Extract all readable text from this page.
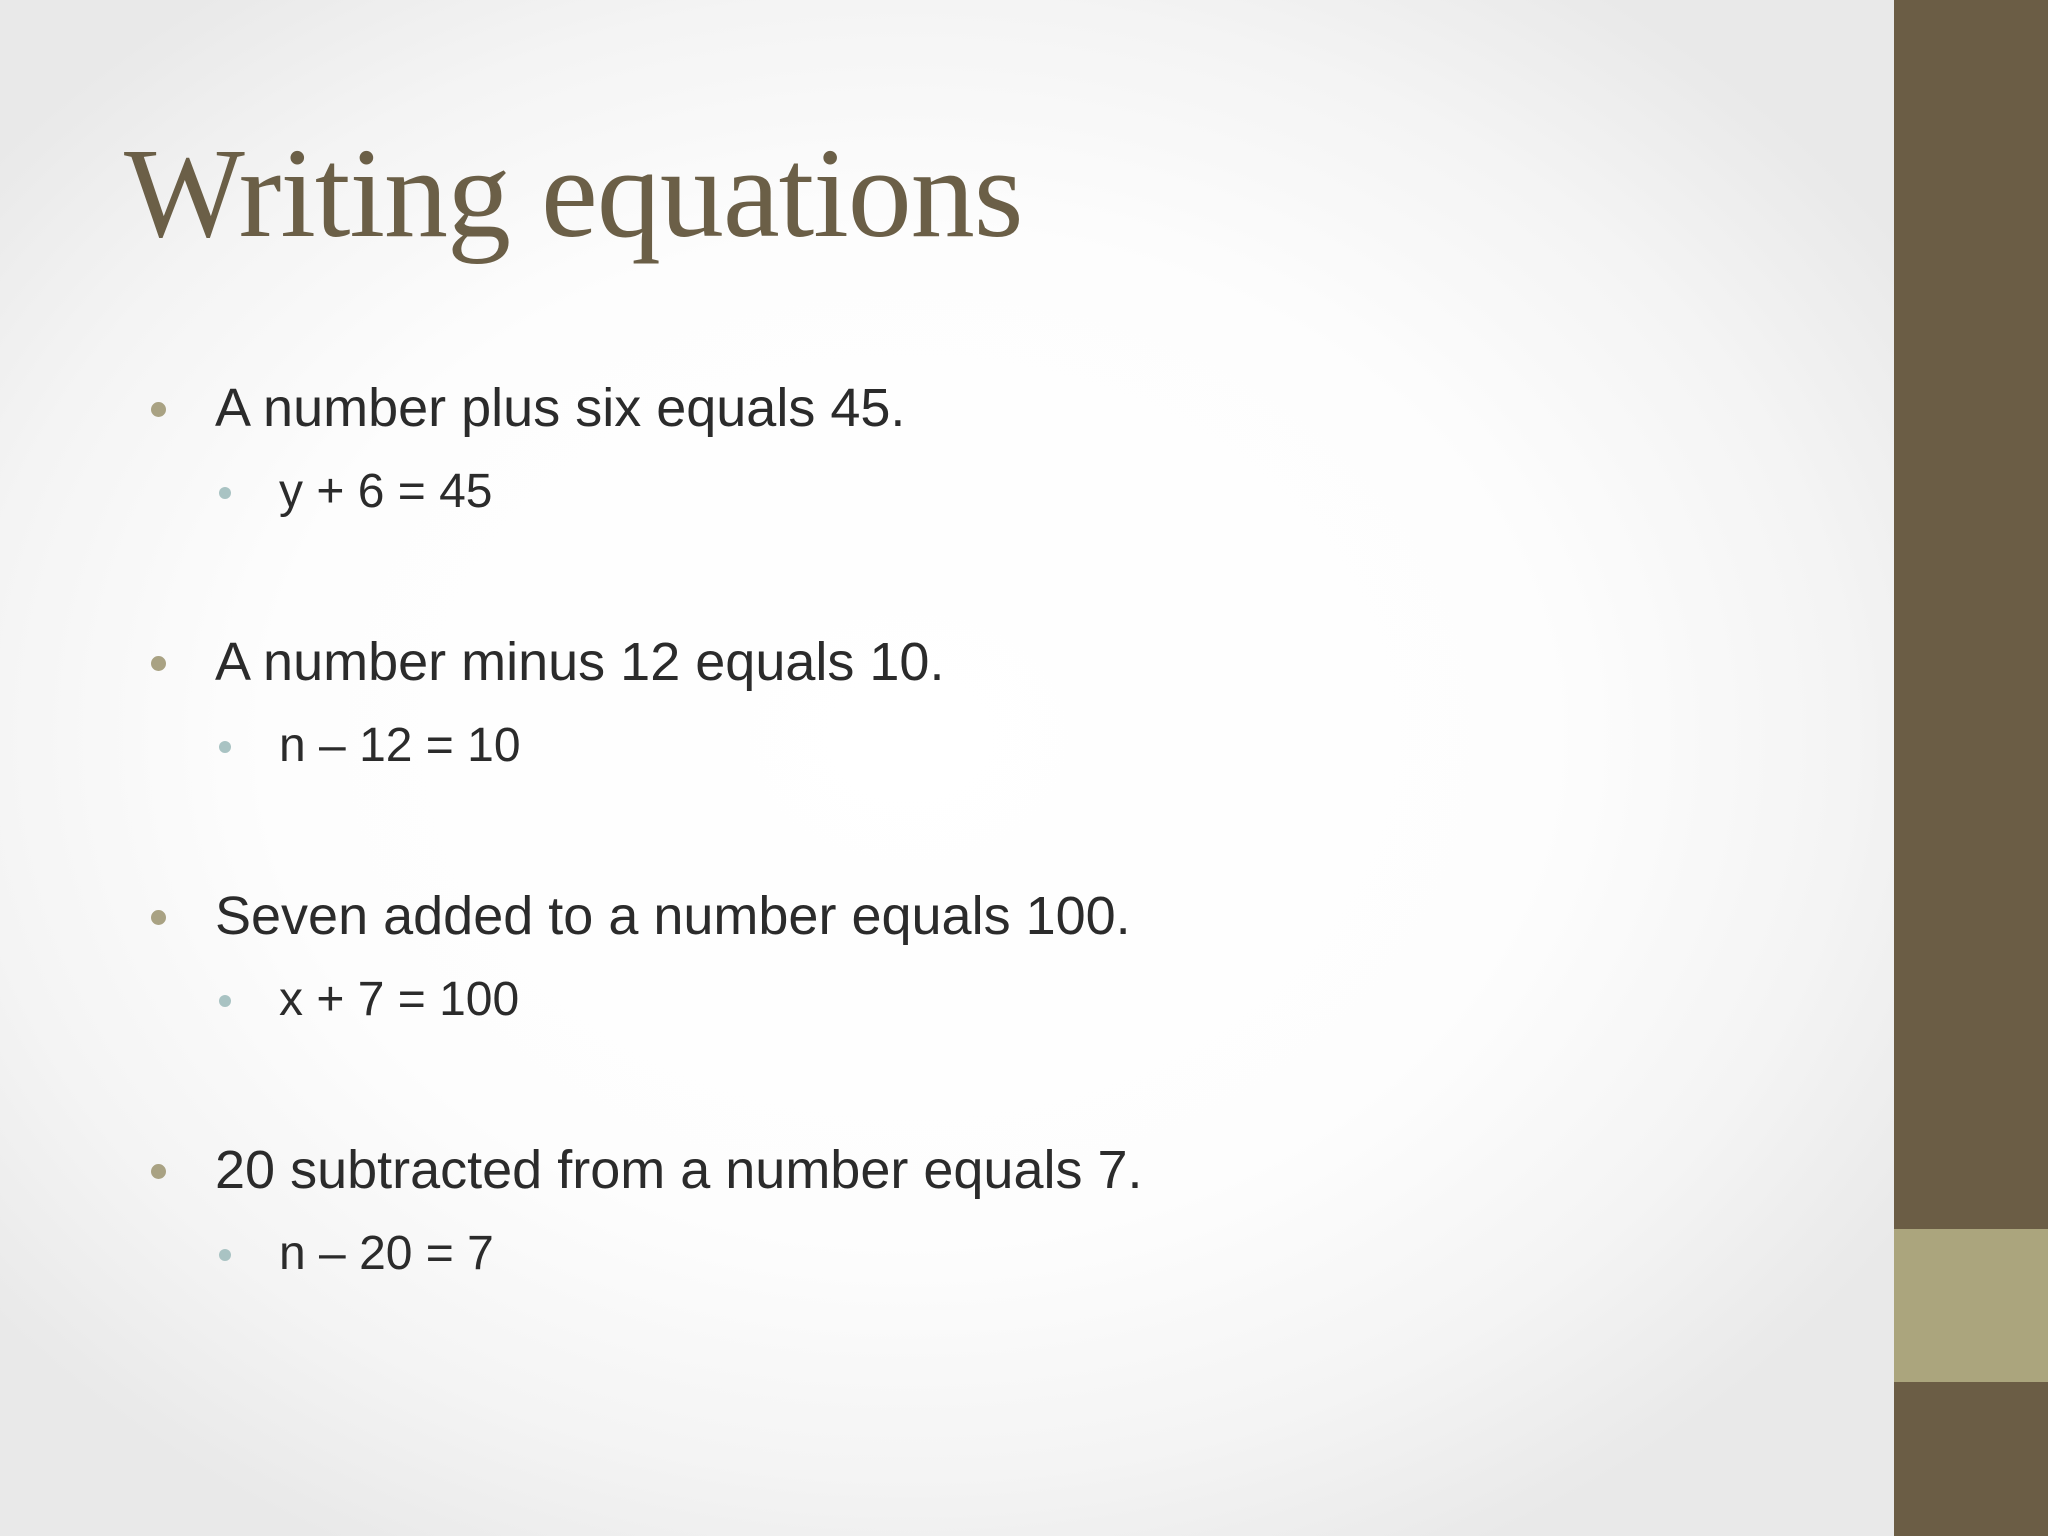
Writing equations
A number plus six equals 45.
y + 6 = 45
A number minus 12 equals 10.
n – 12 = 10
Seven added to a number equals 100.
x + 7 = 100
20 subtracted from a number equals 7.
n – 20 = 7
